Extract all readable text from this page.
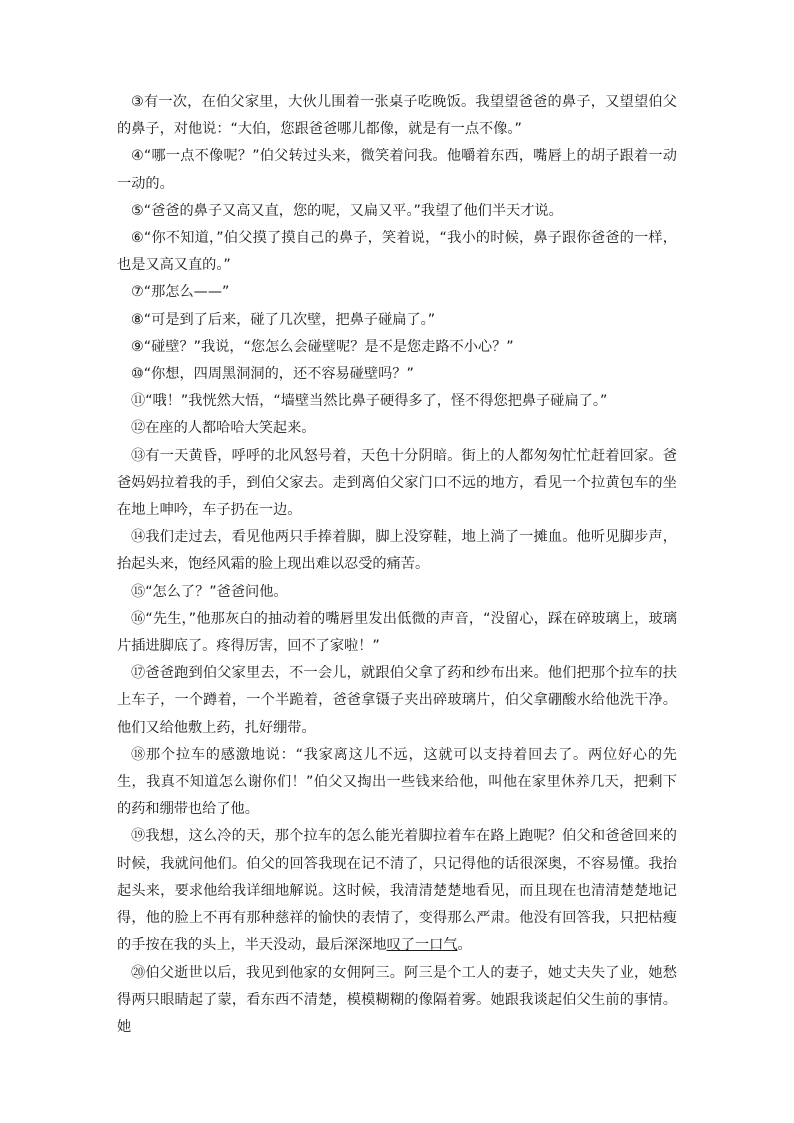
③有一次，在伯父家里，大伙儿围着一张桌子吃晚饭。我望望爸爸的鼻子，又望望伯父的鼻子，对他说：“大伯，您跟爸爸哪儿都像，就是有一点不像。”

④“哪一点不像呢？”伯父转过头来，微笑着问我。他嚼着东西，嘴唇上的胡子跟着一动一动的。

⑤“爸爸的鼻子又高又直，您的呢，又扁又平。”我望了他们半天才说。

⑥“你不知道，”伯父摸了摸自己的鼻子，笑着说，“我小的时候，鼻子跟你爸爸的一样，也是又高又直的。”

⑦“那怎么——”

⑧“可是到了后来，碰了几次壁，把鼻子碰扁了。”

⑨“碰壁？”我说，“您怎么会碰壁呢？是不是您走路不小心？”

⑩“你想，四周黑洞洞的，还不容易碰壁吗？”

⑪“哦！”我恍然大悟，“墙壁当然比鼻子硬得多了，怪不得您把鼻子碰扁了。”

⑫在座的人都哈哈大笑起来。

⑬有一天黄昏，呼呼的北风怒号着，天色十分阴暗。街上的人都匆匆忙忙赶着回家。爸爸妈妈拉着我的手，到伯父家去。走到离伯父家门口不远的地方，看见一个拉黄包车的坐在地上呻吟，车子扔在一边。

⑭我们走过去，看见他两只手捧着脚，脚上没穿鞋，地上淌了一摊血。他听见脚步声，抬起头来，饱经风霜的脸上现出难以忍受的痛苦。

⑮“怎么了？”爸爸问他。

⑯“先生，”他那灰白的抽动着的嘴唇里发出低微的声音，“没留心，踩在碎玻璃上，玻璃片插进脚底了。疼得厉害，回不了家啦！”

⑰爸爸跑到伯父家里去，不一会儿，就跟伯父拿了药和纱布出来。他们把那个拉车的扶上车子，一个蹲着，一个半跪着，爸爸拿镊子夹出碎玻璃片，伯父拿硼酸水给他洗干净。他们又给他敷上药，扎好绷带。

⑱那个拉车的感激地说：“我家离这儿不远，这就可以支持着回去了。两位好心的先生，我真不知道怎么谢你们！”伯父又掏出一些钱来给他，叫他在家里休养几天，把剩下的药和绷带也给了他。

⑲我想，这么冷的天，那个拉车的怎么能光着脚拉着车在路上跑呢？伯父和爸爸回来的时候，我就问他们。伯父的回答我现在记不清了，只记得他的话很深奥，不容易懂。我抬起头来，要求他给我详细地解说。这时候，我清清楚楚地看见，而且现在也清清楚楚地记得，他的脸上不再有那种慈祥的愉快的表情了，变得那么严肃。他没有回答我，只把枯瘦的手按在我的头上，半天没动，最后深深地叹了一口气。

⑳伯父逝世以后，我见到他家的女佣阿三。阿三是个工人的妻子，她丈夫失了业，她愁得两只眼睛起了蒙，看东西不清楚，模模糊糊的像隔着雾。她跟我谈起伯父生前的事情。她
